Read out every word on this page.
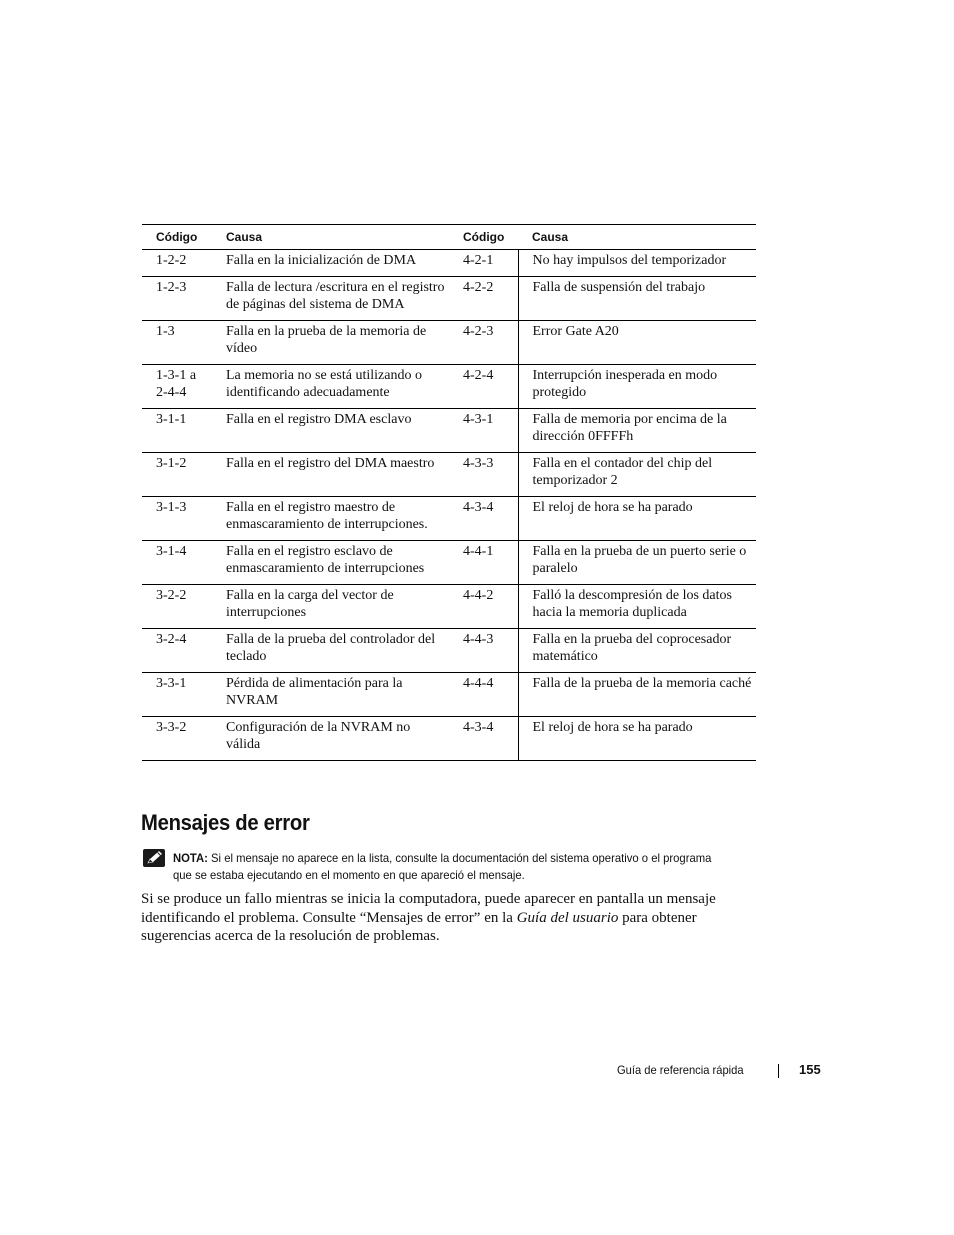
Código	Causa	Código	Causa
1-2-2	Falla en la inicialización de DMA	4-2-1	No hay impulsos del temporizador
1-2-3	Falla de lectura /escritura en el registro de páginas del sistema de DMA	4-2-2	Falla de suspensión del trabajo
1-3	Falla en la prueba de la memoria de vídeo	4-2-3	Error Gate A20
1-3-1 a 2-4-4	La memoria no se está utilizando o identificando adecuadamente	4-2-4	Interrupción inesperada en modo protegido
3-1-1	Falla en el registro DMA esclavo	4-3-1	Falla de memoria por encima de la dirección 0FFFFh
3-1-2	Falla en el registro del DMA maestro	4-3-3	Falla en el contador del chip del temporizador 2
3-1-3	Falla en el registro maestro de enmascaramiento de interrupciones.	4-3-4	El reloj de hora se ha parado
3-1-4	Falla en el registro esclavo de enmascaramiento de interrupciones	4-4-1	Falla en la prueba de un puerto serie o paralelo
3-2-2	Falla en la carga del vector de interrupciones	4-4-2	Falló la descompresión de los datos hacia la memoria duplicada
3-2-4	Falla de la prueba del controlador del teclado	4-4-3	Falla en la prueba del coprocesador matemático
3-3-1	Pérdida de alimentación para la NVRAM	4-4-4	Falla de la prueba de la memoria caché
3-3-2	Configuración de la NVRAM no válida	4-3-4	El reloj de hora se ha parado
Mensajes de error
NOTA: Si el mensaje no aparece en la lista, consulte la documentación del sistema operativo o el programa que se estaba ejecutando en el momento en que apareció el mensaje.

Si se produce un fallo mientras se inicia la computadora, puede aparecer en pantalla un mensaje identificando el problema. Consulte “Mensajes de error” en la Guía del usuario para obtener sugerencias acerca de la resolución de problemas.

Guía de referencia rápida	155
